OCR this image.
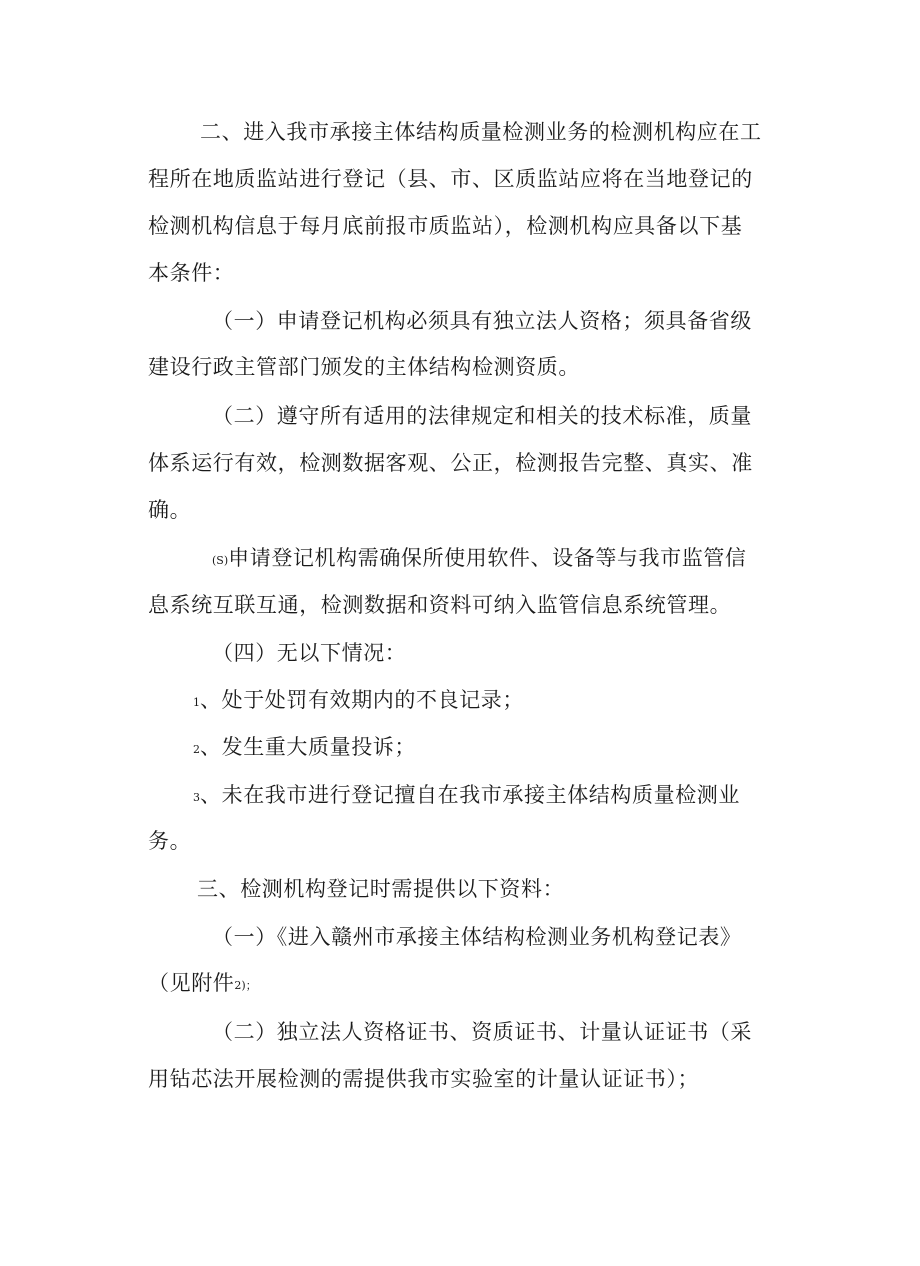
二、进入我市承接主体结构质量检测业务的检测机构应在工
程所在地质监站进行登记（县、市、区质监站应将在当地登记的
检测机构信息于每月底前报市质监站），检测机构应具备以下基
本条件：
（一）申请登记机构必须具有独立法人资格；须具备省级
建设行政主管部门颁发的主体结构检测资质。
（二）遵守所有适用的法律规定和相关的技术标准，质量
体系运行有效，检测数据客观、公正，检测报告完整、真实、准
确。
(S)申请登记机构需确保所使用软件、设备等与我市监管信
息系统互联互通，检测数据和资料可纳入监管信息系统管理。
（四）无以下情况：
1、处于处罚有效期内的不良记录；
2、发生重大质量投诉；
3、未在我市进行登记擅自在我市承接主体结构质量检测业
务。
三、检测机构登记时需提供以下资料：
（一）《进入赣州市承接主体结构检测业务机构登记表》
（见附件2)；
（二）独立法人资格证书、资质证书、计量认证证书（采
用钻芯法开展检测的需提供我市实验室的计量认证证书）；
